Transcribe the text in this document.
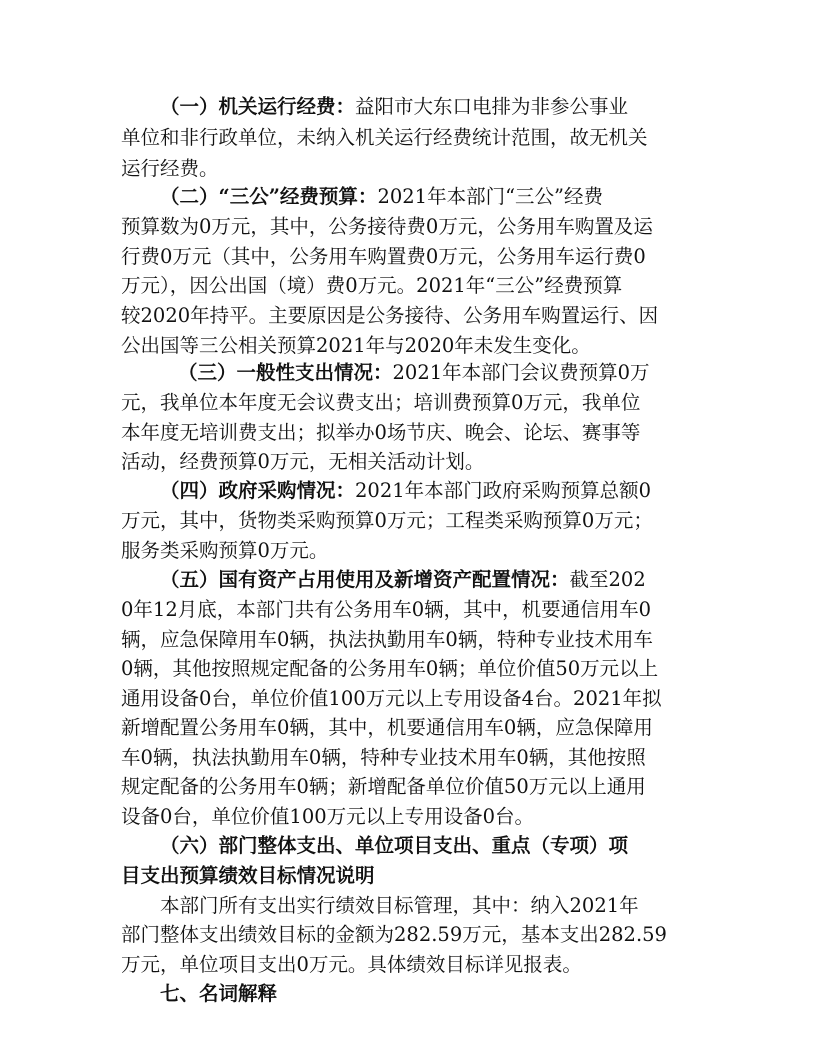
（一）机关运行经费：益阳市大东口电排为非参公事业
单位和非行政单位，未纳入机关运行经费统计范围，故无机关
运行经费。
（二）“三公”经费预算：2021年本部门“三公”经费
预算数为0万元，其中，公务接待费0万元，公务用车购置及运
行费0万元（其中，公务用车购置费0万元，公务用车运行费0
万元），因公出国（境）费0万元。2021年“三公”经费预算
较2020年持平。主要原因是公务接待、公务用车购置运行、因
公出国等三公相关预算2021年与2020年未发生变化。
（三）一般性支出情况：2021年本部门会议费预算0万
元，我单位本年度无会议费支出；培训费预算0万元，我单位
本年度无培训费支出；拟举办0场节庆、晚会、论坛、赛事等
活动，经费预算0万元，无相关活动计划。
（四）政府采购情况：2021年本部门政府采购预算总额0
万元，其中，货物类采购预算0万元；工程类采购预算0万元；
服务类采购预算0万元。
（五）国有资产占用使用及新增资产配置情况：截至202
0年12月底，本部门共有公务用车0辆，其中，机要通信用车0
辆，应急保障用车0辆，执法执勤用车0辆，特种专业技术用车
0辆，其他按照规定配备的公务用车0辆；单位价值50万元以上
通用设备0台，单位价值100万元以上专用设备4台。2021年拟
新增配置公务用车0辆，其中，机要通信用车0辆，应急保障用
车0辆，执法执勤用车0辆，特种专业技术用车0辆，其他按照
规定配备的公务用车0辆；新增配备单位价值50万元以上通用
设备0台，单位价值100万元以上专用设备0台。
（六）部门整体支出、单位项目支出、重点（专项）项
目支出预算绩效目标情况说明
本部门所有支出实行绩效目标管理，其中：纳入2021年
部门整体支出绩效目标的金额为282.59万元，基本支出282.59
万元，单位项目支出0万元。具体绩效目标详见报表。
七、名词解释
